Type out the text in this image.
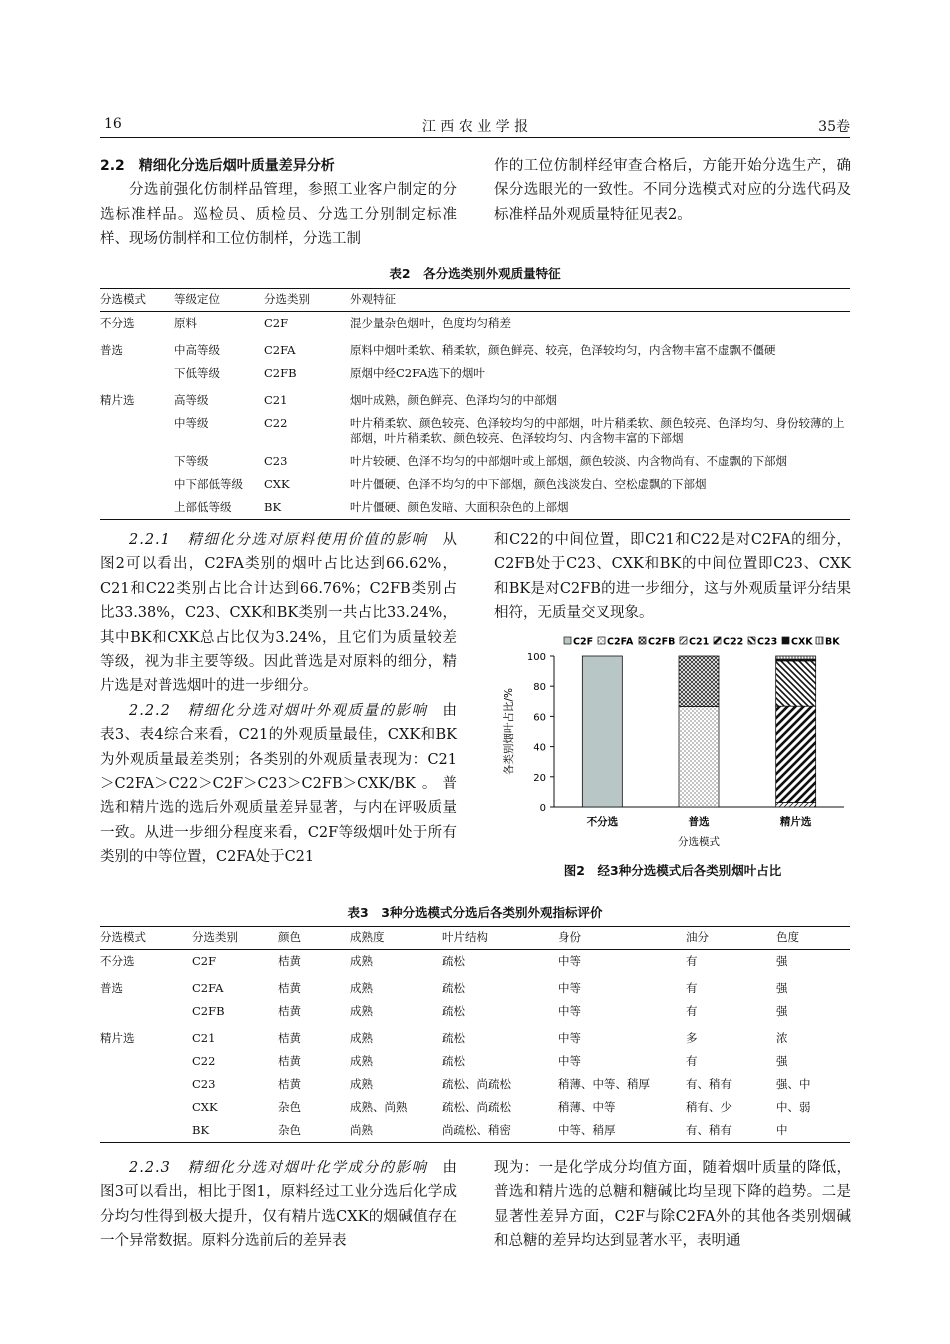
16	江 西 农 业 学 报	35卷

2.2　精细化分选后烟叶质量差异分析

分选前强化仿制样品管理，参照工业客户制定的分选标准样品。巡检员、质检员、分选工分别制定标准样、现场仿制样和工位仿制样，分选工制

作的工位仿制样经审查合格后，方能开始分选生产，确保分选眼光的一致性。不同分选模式对应的分选代码及标准样品外观质量特征见表2。
表2　各分选类别外观质量特征
分选模式	等级定位	分选类别	外观特征
不分选	原料	C2F	混少量杂色烟叶，色度均匀稍差
普选	中高等级	C2FA	原料中烟叶柔软、稍柔软，颜色鲜亮、较亮，色泽较均匀，内含物丰富不虚飘不僵硬
	下低等级	C2FB	原烟中经C2FA选下的烟叶
精片选	高等级	C21	烟叶成熟，颜色鲜亮、色泽均匀的中部烟
	中等级	C22	叶片稍柔软、颜色较亮、色泽较均匀的中部烟，叶片稍柔软、颜色较亮、色泽均匀、身份较薄的上部烟，叶片稍柔软、颜色较亮、色泽较均匀、内含物丰富的下部烟
	下等级	C23	叶片较硬、色泽不均匀的中部烟叶或上部烟，颜色较淡、内含物尚有、不虚飘的下部烟
	中下部低等级	CXK	叶片僵硬、色泽不均匀的中下部烟，颜色浅淡发白、空松虚飘的下部烟
	上部低等级	BK	叶片僵硬、颜色发暗、大面积杂色的上部烟

2.2.1　精细化分选对原料使用价值的影响　 从图2可以看出，C2FA类别的烟叶占比达到66.62%，C21和C22类别占比合计达到66.76%；C2FB类别占比33.38%，C23、CXK和BK类别一共占比33.24%，其中BK和CXK总占比仅为3.24%，且它们为质量较差等级，视为非主要等级。因此普选是对原料的细分，精片选是对普选烟叶的进一步细分。

2.2.2　精细化分选对烟叶外观质量的影响　 由表3、表4综合来看，C21的外观质量最佳，CXK和BK为外观质量最差类别；各类别的外观质量表现为：C21＞C2FA＞C22＞C2F＞C23＞C2FB＞CXK/BK。普选和精片选的选后外观质量差异显著，与内在评吸质量一致。从进一步细分程度来看，C2F等级烟叶处于所有类别的中等位置，C2FA处于C21

和C22的中间位置，即C21和C22是对C2FA的细分，C2FB处于C23、CXK和BK的中间位置即C23、CXK和BK是对C2FB的进一步细分，这与外观质量评分结果相符，无质量交叉现象。
0
20
40
60
80
100
各类别烟叶占比/%
不分选	普选	精片选
分选模式
C2F C2FA C2FB C21 C22 C23 CXK BK
图2　经3种分选模式后各类别烟叶占比
表3　3种分选模式分选后各类别外观指标评价
分选模式	分选类别	颜色	成熟度	叶片结构	身份	油分	色度
不分选	C2F	桔黄	成熟	疏松	中等	有	强
普选	C2FA	桔黄	成熟	疏松	中等	有	强
	C2FB	桔黄	成熟	疏松	中等	有	强
精片选	C21	桔黄	成熟	疏松	中等	多	浓
	C22	桔黄	成熟	疏松	中等	有	强
	C23	桔黄	成熟	疏松、尚疏松	稍薄、中等、稍厚	有、稍有	强、中
	CXK	杂色	成熟、尚熟	疏松、尚疏松	稍薄、中等	稍有、少	中、弱
	BK	杂色	尚熟	尚疏松、稍密	中等、稍厚	有、稍有	中

2.2.3　精细化分选对烟叶化学成分的影响　 由图3可以看出，相比于图1，原料经过工业分选后化学成分均匀性得到极大提升，仅有精片选CXK的烟碱值存在一个异常数据。原料分选前后的差异表

现为：一是化学成分均值方面，随着烟叶质量的降低，普选和精片选的总糖和糖碱比均呈现下降的趋势。二是显著性差异方面，C2F与除C2FA外的其他各类别烟碱和总糖的差异均达到显著水平，表明通
